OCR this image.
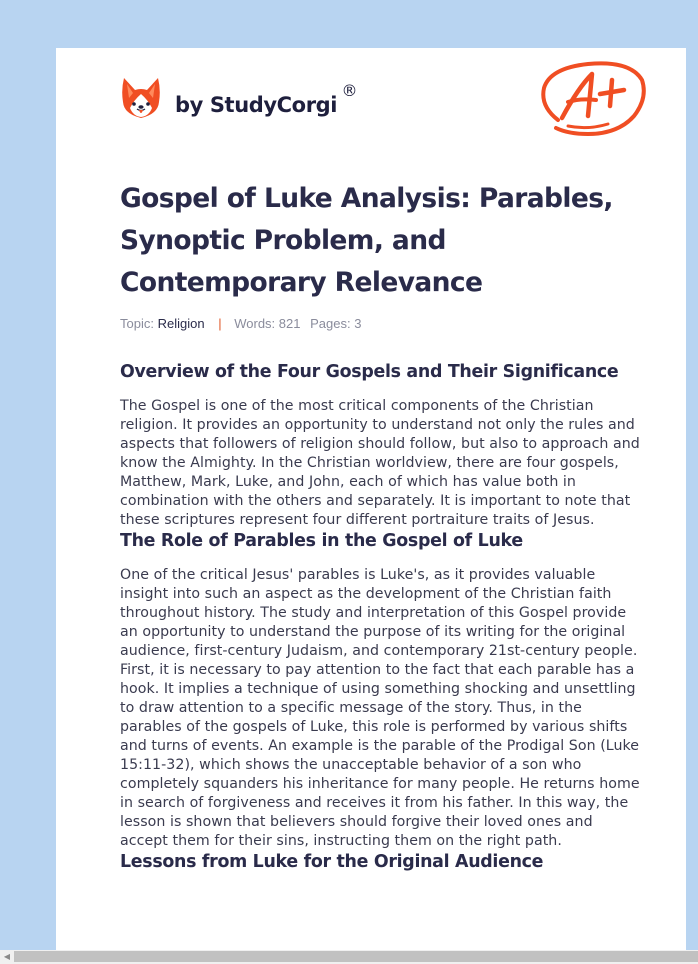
by StudyCorgi
®
Gospel of Luke Analysis: Parables, Synoptic Problem, and Contemporary Relevance
Topic: Religion | Words: 821 Pages: 3
Overview of the Four Gospels and Their Significance

The Gospel is one of the most critical components of the Christian religion. It provides an opportunity to understand not only the rules and aspects that followers of religion should follow, but also to approach and know the Almighty. In the Christian worldview, there are four gospels, Matthew, Mark, Luke, and John, each of which has value both in combination with the others and separately. It is important to note that these scriptures represent four different portraiture traits of Jesus.

The Role of Parables in the Gospel of Luke

One of the critical Jesus' parables is Luke's, as it provides valuable insight into such an aspect as the development of the Christian faith throughout history. The study and interpretation of this Gospel provide an opportunity to understand the purpose of its writing for the original audience, first-century Judaism, and contemporary 21st-century people. First, it is necessary to pay attention to the fact that each parable has a hook. It implies a technique of using something shocking and unsettling to draw attention to a specific message of the story. Thus, in the parables of the gospels of Luke, this role is performed by various shifts and turns of events. An example is the parable of the Prodigal Son (Luke 15:11-32), which shows the unacceptable behavior of a son who completely squanders his inheritance for many people. He returns home in search of forgiveness and receives it from his father. In this way, the lesson is shown that believers should forgive their loved ones and accept them for their sins, instructing them on the right path.

Lessons from Luke for the Original Audience
◀
